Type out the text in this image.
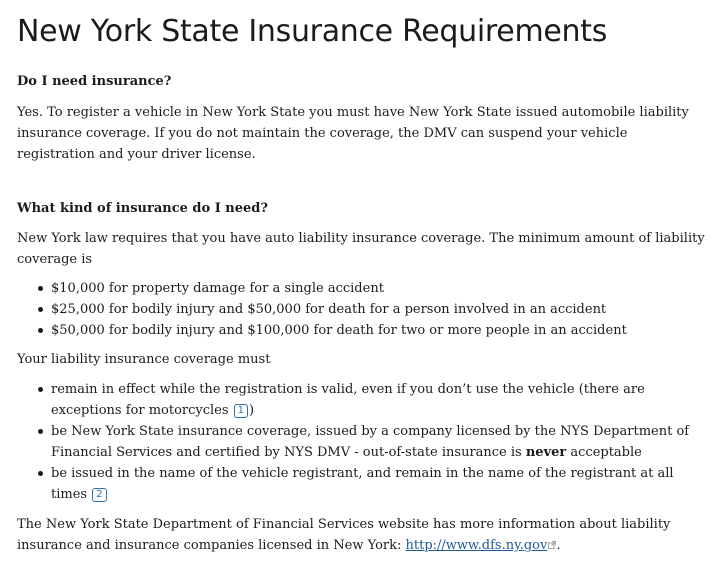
New York State Insurance Requirements
Do I need insurance?

Yes. To register a vehicle in New York State you must have New York State issued automobile liability insurance coverage. If you do not maintain the coverage, the DMV can suspend your vehicle registration and your driver license.

What kind of insurance do I need?

New York law requires that you have auto liability insurance coverage. The minimum amount of liability coverage is

$10,000 for property damage for a single accident
$25,000 for bodily injury and $50,000 for death for a person involved in an accident
$50,000 for bodily injury and $100,000 for death for two or more people in an accident

Your liability insurance coverage must

remain in effect while the registration is valid, even if you don’t use the vehicle (there are exceptions for motorcycles 1 )
be New York State insurance coverage, issued by a company licensed by the NYS Department of Financial Services and certified by NYS DMV - out-of-state insurance is never acceptable
be issued in the name of the vehicle registrant, and remain in the name of the registrant at all times 2

The New York State Department of Financial Services website has more information about liability insurance and insurance companies licensed in New York: http://www.dfs.ny.gov .
